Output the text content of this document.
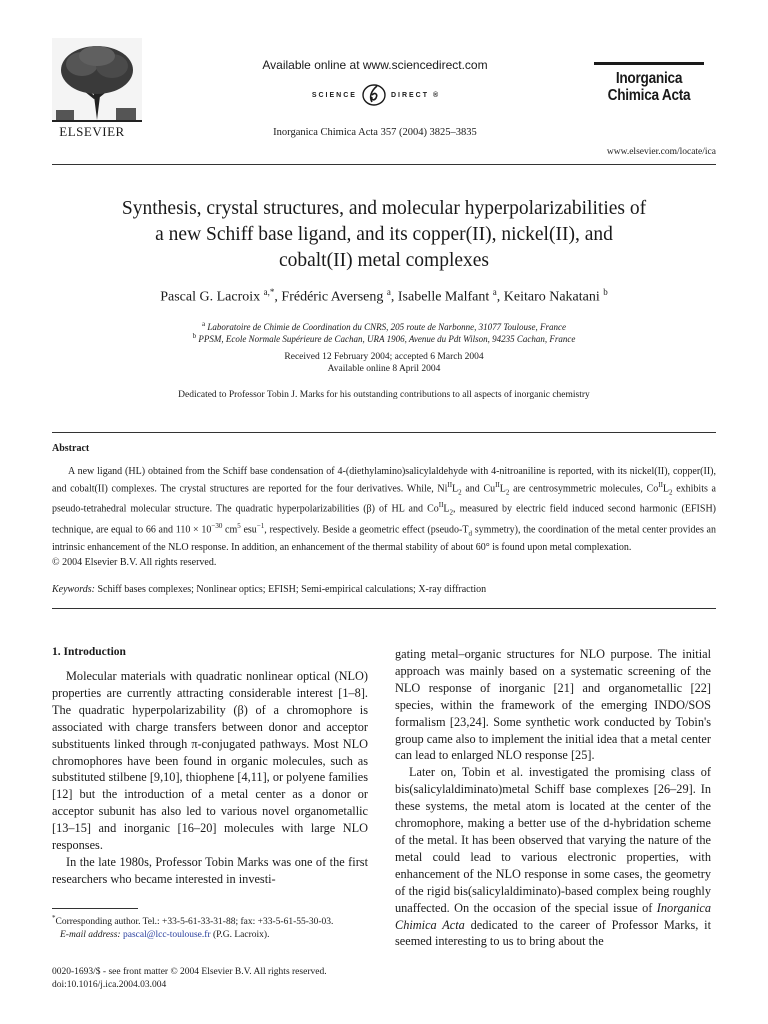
ELSEVIER
Available online at www.sciencedirect.com
SCIENCE	DIRECT ®
Inorganica Chimica Acta 357 (2004) 3825–3835
Inorganica
Chimica Acta
www.elsevier.com/locate/ica
Synthesis, crystal structures, and molecular hyperpolarizabilities of
a new Schiff base ligand, and its copper(II), nickel(II), and
cobalt(II) metal complexes
Pascal G. Lacroix $^{a,*}$, Frédéric Averseng $^a$, Isabelle Malfant $^a$, Keitaro Nakatani $^b$
$^a$ Laboratoire de Chimie de Coordination du CNRS, 205 route de Narbonne, 31077 Toulouse, France
$^b$ PPSM, Ecole Normale Supérieure de Cachan, URA 1906, Avenue du Pdt Wilson, 94235 Cachan, France
Received 12 February 2004; accepted 6 March 2004
Available online 8 April 2004
Dedicated to Professor Tobin J. Marks for his outstanding contributions to all aspects of inorganic chemistry
Abstract
A new ligand (HL) obtained from the Schiff base condensation of 4-(diethylamino)salicylaldehyde with 4-nitroaniline is reported, with its nickel(II), copper(II), and cobalt(II) complexes. The crystal structures are reported for the four derivatives. While, $Ni^{II}L_2$ and $Cu^{II}L_2$ are centrosymmetric molecules, $Co^{II}L_2$ exhibits a pseudo-tetrahedral molecular structure. The quadratic hyperpolarizabilities (β) of HL and $Co^{II}L_2$, measured by electric field induced second harmonic (EFISH) technique, are equal to 66 and $110 \times 10^{-30}$ $cm^5$ esu$^{-1}$, respectively. Beside a geometric effect ($pseudo-T_d$ symmetry), the coordination of the metal center provides an intrinsic enhancement of the NLO response. In addition, an enhancement of the thermal stability of about 60° is found upon metal complexation.
© 2004 Elsevier B.V. All rights reserved.
Keywords: Schiff bases complexes; Nonlinear optics; EFISH; Semi-empirical calculations; X-ray diffraction
1. Introduction

Molecular materials with quadratic nonlinear optical (NLO) properties are currently attracting considerable interest [1–8]. The quadratic hyperpolarizability (β) of a chromophore is associated with charge transfers between donor and acceptor substituents linked through π-conjugated pathways. Most NLO chromophores have been found in organic molecules, such as substituted stilbene [9,10], thiophene [4,11], or polyene families [12] but the introduction of a metal center as a donor or acceptor subunit has also led to various novel organometallic [13–15] and inorganic [16–20] molecules with large NLO responses.

In the late 1980s, Professor Tobin Marks was one of the first researchers who became interested in investi-

gating metal–organic structures for NLO purpose. The initial approach was mainly based on a systematic screening of the NLO response of inorganic [21] and organometallic [22] species, within the framework of the emerging INDO/SOS formalism [23,24]. Some synthetic work conducted by Tobin's group came also to implement the initial idea that a metal center can lead to enlarged NLO response [25].

Later on, Tobin et al. investigated the promising class of bis(salicylaldiminato)metal Schiff base complexes [26–29]. In these systems, the metal atom is located at the center of the chromophore, making a better use of the d-hybridation scheme of the metal. It has been observed that varying the nature of the metal could lead to various electronic properties, with enhancement of the NLO response in some cases, the geometry of the rigid bis(salicylaldiminato)-based complex being roughly unaffected. On the occasion of the special issue of Inorganica Chimica Acta dedicated to the career of Professor Marks, it seemed interesting to us to bring about the

*Corresponding author. Tel.: +33-5-61-33-31-88; fax: +33-5-61-55-30-03.
E-mail address: pascal@lcc-toulouse.fr (P.G. Lacroix).
0020-1693/$ - see front matter © 2004 Elsevier B.V. All rights reserved.
doi:10.1016/j.ica.2004.03.004
